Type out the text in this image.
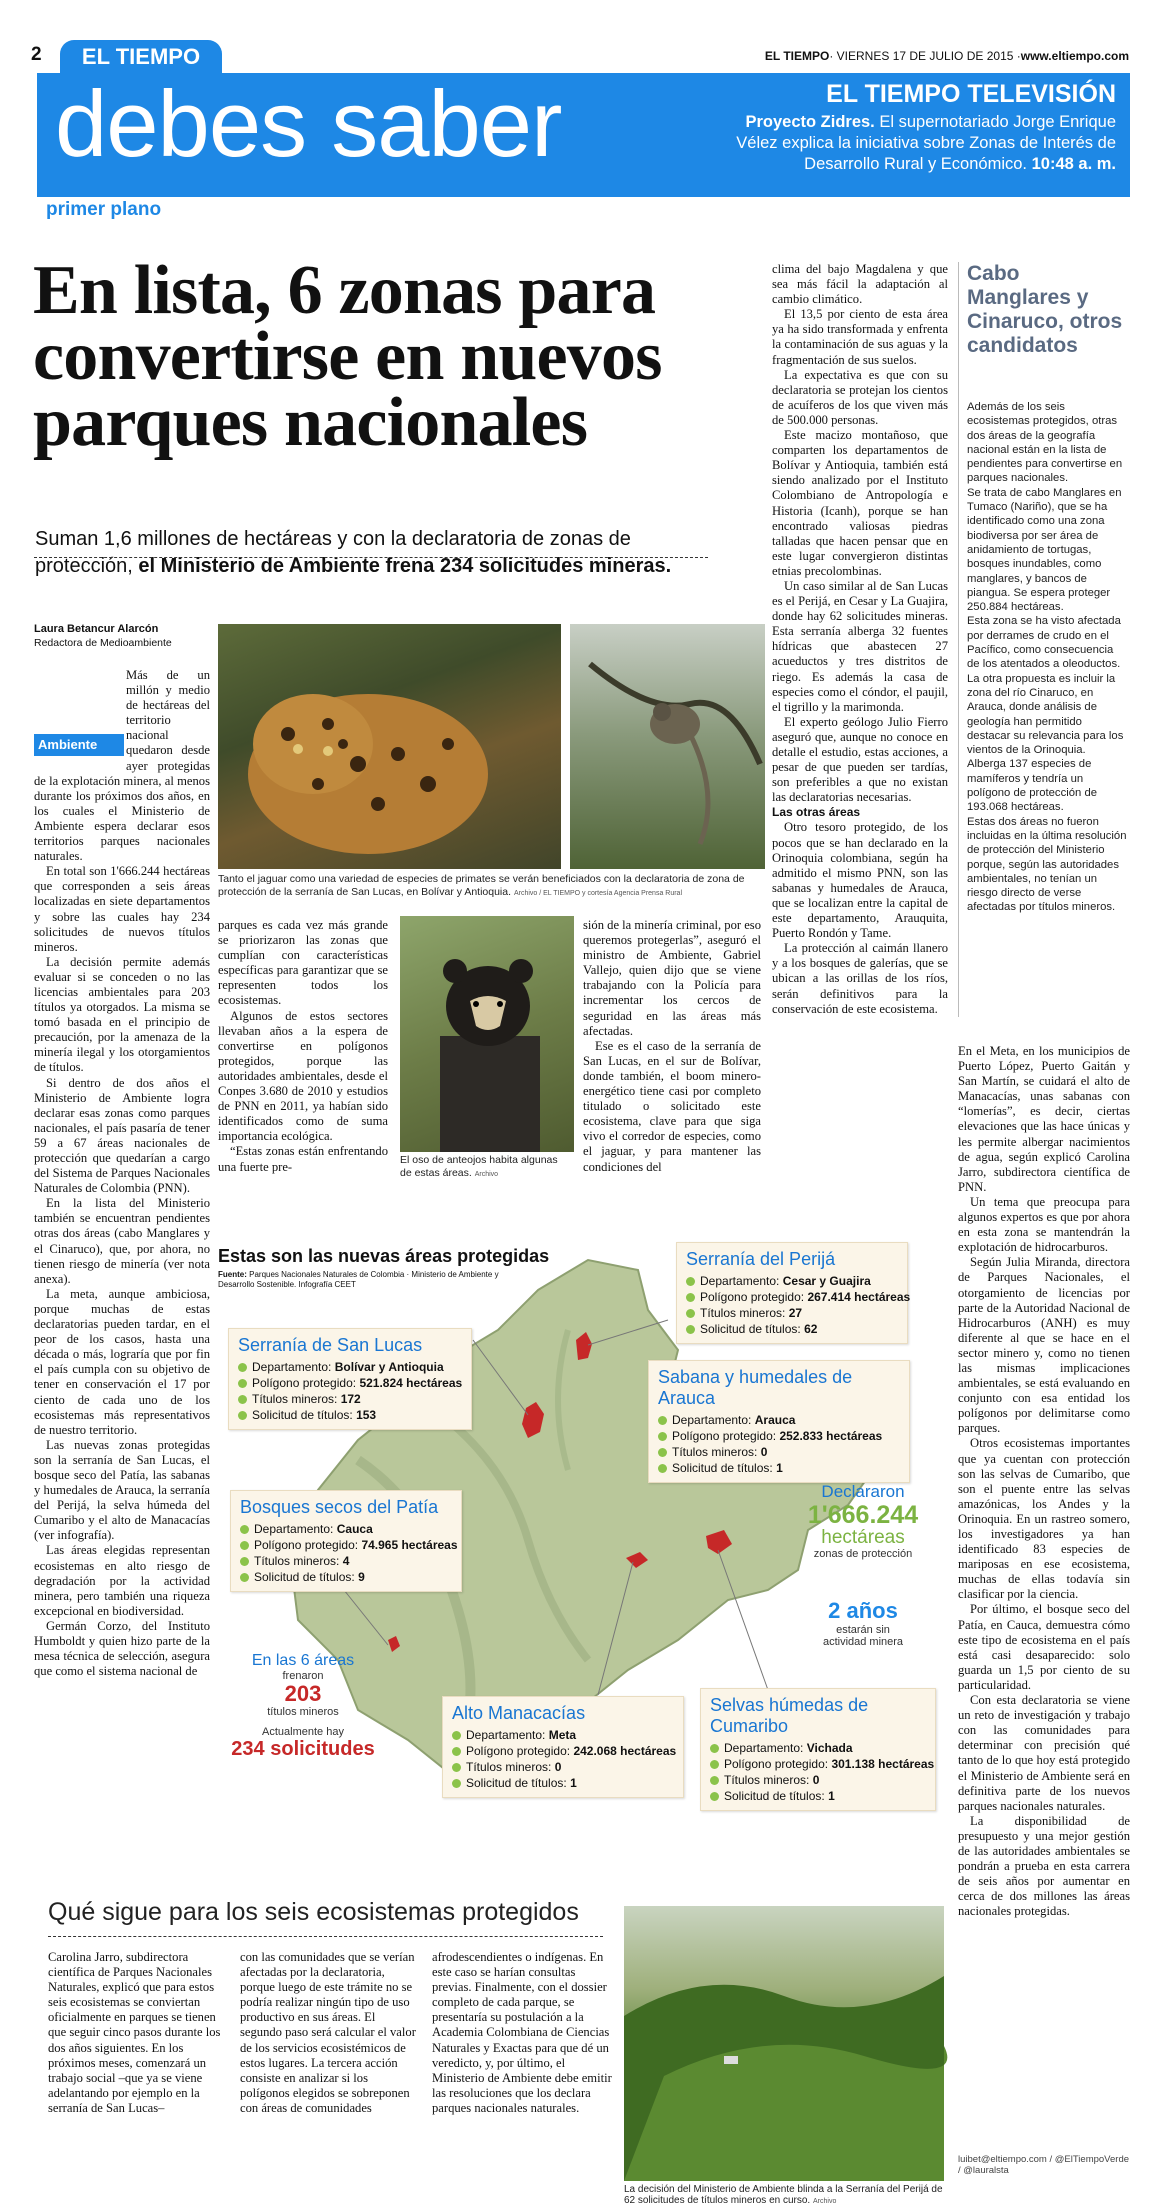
2	EL TIEMPO	EL TIEMPO· VIERNES 17 DE JULIO DE 2015 ·www.eltiempo.com
debes saber
primer plano
EL TIEMPO TELEVISIÓN
Proyecto Zidres. El supernotariado Jorge Enrique Vélez explica la iniciativa sobre Zonas de Interés de Desarrollo Rural y Económico. 10:48 a. m.
En lista, 6 zonas para convertirse en nuevos parques nacionales
Suman 1,6 millones de hectáreas y con la declaratoria de zonas de protección, el Ministerio de Ambiente frena 234 solicitudes mineras.
Laura Betancur Alarcón
Redactora de Medioambiente
Ambiente

Más de un millón y medio de hectáreas del territorio nacional quedaron desde ayer protegidas de la explotación minera, al menos durante los próximos dos años, en los cuales el Ministerio de Ambiente espera declarar esos territorios parques nacionales naturales.

En total son 1'666.244 hectáreas que corresponden a seis áreas localizadas en siete departamentos y sobre las cuales hay 234 solicitudes de nuevos títulos mineros.

La decisión permite además evaluar si se conceden o no las licencias ambientales para 203 títulos ya otorgados. La misma se tomó basada en el principio de precaución, por la amenaza de la minería ilegal y los otorgamientos de títulos.

Si dentro de dos años el Ministerio de Ambiente logra declarar esas zonas como parques nacionales, el país pasaría de tener 59 a 67 áreas nacionales de protección que quedarían a cargo del Sistema de Parques Nacionales Naturales de Colombia (PNN).

En la lista del Ministerio también se encuentran pendientes otras dos áreas (cabo Manglares y el Cinaruco), que, por ahora, no tienen riesgo de minería (ver nota anexa).

La meta, aunque ambiciosa, porque muchas de estas declaratorias pueden tardar, en el peor de los casos, hasta una década o más, lograría que por fin el país cumpla con su objetivo de tener en conservación el 17 por ciento de cada uno de los ecosistemas más representativos de nuestro territorio.

Las nuevas zonas protegidas son la serranía de San Lucas, el bosque seco del Patía, las sabanas y humedales de Arauca, la serranía del Perijá, la selva húmeda del Cumaribo y el alto de Manacacías (ver infografía).

Las áreas elegidas representan ecosistemas en alto riesgo de degradación por la actividad minera, pero también una riqueza excepcional en biodiversidad.

Germán Corzo, del Instituto Humboldt y quien hizo parte de la mesa técnica de selección, asegura que como el sistema nacional de

Tanto el jaguar como una variedad de especies de primates se verán beneficiados con la declaratoria de zona de protección de la serranía de San Lucas, en Bolívar y Antioquia. Archivo / EL TIEMPO y cortesía Agencia Prensa Rural
El oso de anteojos habita algunas de estas áreas. Archivo

parques es cada vez más grande se priorizaron las zonas que cumplían con características específicas para garantizar que se representen todos los ecosistemas.

Algunos de estos sectores llevaban años a la espera de convertirse en polígonos protegidos, porque las autoridades ambientales, desde el Conpes 3.680 de 2010 y estudios de PNN en 2011, ya habían sido identificados como de suma importancia ecológica.

“Estas zonas están enfrentando una fuerte pre-

sión de la minería criminal, por eso queremos protegerlas”, aseguró el ministro de Ambiente, Gabriel Vallejo, quien dijo que se viene trabajando con la Policía para incrementar los cercos de seguridad en las áreas más afectadas.

Ese es el caso de la serranía de San Lucas, en el sur de Bolívar, donde también, el boom minero-energético tiene casi por completo titulado o solicitado este ecosistema, clave para que siga vivo el corredor de especies, como el jaguar, y para mantener las condiciones del

clima del bajo Magdalena y que sea más fácil la adaptación al cambio climático.

El 13,5 por ciento de esta área ya ha sido transformada y enfrenta la contaminación de sus aguas y la fragmentación de sus suelos.

La expectativa es que con su declaratoria se protejan los cientos de acuíferos de los que viven más de 500.000 personas.

Este macizo montañoso, que comparten los departamentos de Bolívar y Antioquia, también está siendo analizado por el Instituto Colombiano de Antropología e Historia (Icanh), porque se han encontrado valiosas piedras talladas que hacen pensar que en este lugar convergieron distintas etnias precolombinas.

Un caso similar al de San Lucas es el Perijá, en Cesar y La Guajira, donde hay 62 solicitudes mineras. Esta serranía alberga 32 fuentes hídricas que abastecen 27 acueductos y tres distritos de riego. Es además la casa de especies como el cóndor, el paujil, el tigrillo y la marimonda.

El experto geólogo Julio Fierro aseguró que, aunque no conoce en detalle el estudio, estas acciones, a pesar de que pueden ser tardías, son preferibles a que no existan las declaratorias necesarias.

Las otras áreas

Otro tesoro protegido, de los pocos que se han declarado en la Orinoquia colombiana, según ha admitido el mismo PNN, son las sabanas y humedales de Arauca, que se localizan entre la capital de este departamento, Arauquita, Puerto Rondón y Tame.

La protección al caimán llanero y a los bosques de galerías, que se ubican a las orillas de los ríos, serán definitivos para la conservación de este ecosistema.

Cabo Manglares y Cinaruco, otros candidatos
Además de los seis ecosistemas protegidos, otras dos áreas de la geografía nacional están en la lista de pendientes para convertirse en parques nacionales.
Se trata de cabo Manglares en Tumaco (Nariño), que se ha identificado como una zona biodiversa por ser área de anidamiento de tortugas, bosques inundables, como manglares, y bancos de piangua. Se espera proteger 250.884 hectáreas.
Esta zona se ha visto afectada por derrames de crudo en el Pacífico, como consecuencia de los atentados a oleoductos.
La otra propuesta es incluir la zona del río Cinaruco, en Arauca, donde análisis de geología han permitido destacar su relevancia para los vientos de la Orinoquia. Alberga 137 especies de mamíferos y tendría un polígono de protección de 193.068 hectáreas.
Estas dos áreas no fueron incluidas en la última resolución de protección del Ministerio porque, según las autoridades ambientales, no tenían un riesgo directo de verse afectadas por títulos mineros.

En el Meta, en los municipios de Puerto López, Puerto Gaitán y San Martín, se cuidará el alto de Manacacías, unas sabanas con “lomerías”, es decir, ciertas elevaciones que las hace únicas y les permite albergar nacimientos de agua, según explicó Carolina Jarro, subdirectora científica de PNN.

Un tema que preocupa para algunos expertos es que por ahora en esta zona se mantendrán la explotación de hidrocarburos.

Según Julia Miranda, directora de Parques Nacionales, el otorgamiento de licencias por parte de la Autoridad Nacional de Hidrocarburos (ANH) es muy diferente al que se hace en el sector minero y, como no tienen las mismas implicaciones ambientales, se está evaluando en conjunto con esa entidad los polígonos por delimitarse como parques.

Otros ecosistemas importantes que ya cuentan con protección son las selvas de Cumaribo, que son el puente entre las selvas amazónicas, los Andes y la Orinoquia. En un rastreo somero, los investigadores ya han identificado 83 especies de mariposas en ese ecosistema, muchas de ellas todavía sin clasificar por la ciencia.

Por último, el bosque seco del Patía, en Cauca, demuestra cómo este tipo de ecosistema en el país está casi desaparecido: solo guarda un 1,5 por ciento de su particularidad.

Con esta declaratoria se viene un reto de investigación y trabajo con las comunidades para determinar con precisión qué tanto de lo que hoy está protegido el Ministerio de Ambiente será en definitiva parte de los nuevos parques nacionales naturales.

La disponibilidad de presupuesto y una mejor gestión de las autoridades ambientales se pondrán a prueba en esta carrera de seis años por aumentar en cerca de dos millones las áreas nacionales protegidas.

luibet@eltiempo.com / @ElTiempoVerde / @lauralsta
Estas son las nuevas áreas protegidas
Fuente: Parques Nacionales Naturales de Colombia · Ministerio de Ambiente y Desarrollo Sostenible. Infografía CEET
Serranía del Perijá
Departamento:
Cesar y Guajira
Polígono protegido:
267.414 hectáreas
Títulos mineros:
27
Solicitud de títulos:
62
Serranía de San Lucas
Departamento:
Bolívar y Antioquia
Polígono protegido:
521.824 hectáreas
Títulos mineros:
172
Solicitud de títulos:
153
Sabana y humedales de Arauca
Departamento:
Arauca
Polígono protegido:
252.833 hectáreas
Títulos mineros:
0
Solicitud de títulos:
1
Bosques secos del Patía
Departamento:
Cauca
Polígono protegido:
74.965 hectáreas
Títulos mineros:
4
Solicitud de títulos:
9
Alto Manacacías
Departamento:
Meta
Polígono protegido:
242.068 hectáreas
Títulos mineros:
0
Solicitud de títulos:
1
Selvas húmedas de Cumaribo
Departamento:
Vichada
Polígono protegido:
301.138 hectáreas
Títulos mineros:
0
Solicitud de títulos:
1
Declararon
1'666.244
hectáreas
zonas de protección
2 años
estarán sin actividad minera
En las 6 áreas
frenaron
203
títulos mineros
Actualmente hay
234 solicitudes
Qué sigue para los seis ecosistemas protegidos
Carolina Jarro, subdirectora científica de Parques Nacionales Naturales, explicó que para estos seis ecosistemas se conviertan oficialmente en parques se tienen que seguir cinco pasos durante los dos años siguientes. En los próximos meses, comenzará un trabajo social –que ya se viene adelantando por ejemplo en la serranía de San Lucas–
con las comunidades que se verían afectadas por la declaratoria, porque luego de este trámite no se podría realizar ningún tipo de uso productivo en sus áreas. El segundo paso será calcular el valor de los servicios ecosistémicos de estos lugares. La tercera acción consiste en analizar si los polígonos elegidos se sobreponen con áreas de comunidades
afrodescendientes o indígenas. En este caso se harían consultas previas. Finalmente, con el dossier completo de cada parque, se presentaría su postulación a la Academia Colombiana de Ciencias Naturales y Exactas para que dé un veredicto, y, por último, el Ministerio de Ambiente debe emitir las resoluciones que los declara parques nacionales naturales.
La decisión del Ministerio de Ambiente blinda a la Serranía del Perijá de 62 solicitudes de títulos mineros en curso. Archivo
